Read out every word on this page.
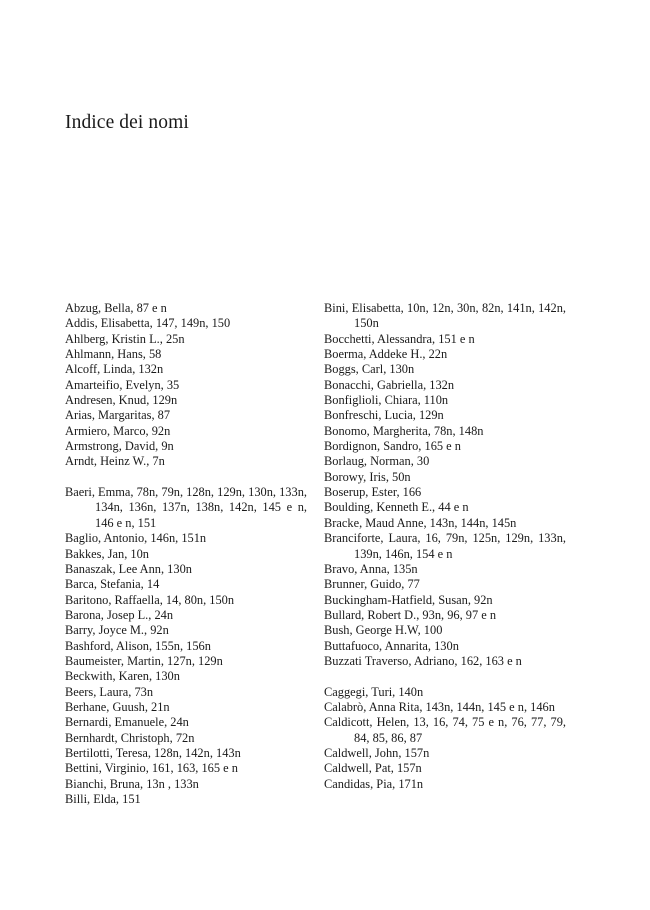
Indice dei nomi

Abzug, Bella, 87 e n

Addis, Elisabetta, 147, 149n, 150

Ahlberg, Kristin L., 25n

Ahlmann, Hans, 58

Alcoff, Linda, 132n

Amarteifio, Evelyn, 35

Andresen, Knud, 129n

Arias, Margaritas, 87

Armiero, Marco, 92n

Armstrong, David, 9n

Arndt, Heinz W., 7n

Baeri, Emma, 78n, 79n, 128n, 129n, 130n, 133n, 134n, 136n, 137n, 138n, 142n, 145 e n, 146 e n, 151

Baglio, Antonio, 146n, 151n

Bakkes, Jan, 10n

Banaszak, Lee Ann, 130n

Barca, Stefania, 14

Baritono, Raffaella, 14, 80n, 150n

Barona, Josep L., 24n

Barry, Joyce M., 92n

Bashford, Alison, 155n, 156n

Baumeister, Martin, 127n, 129n

Beckwith, Karen, 130n

Beers, Laura, 73n

Berhane, Guush, 21n

Bernardi, Emanuele, 24n

Bernhardt, Christoph, 72n

Bertilotti, Teresa, 128n, 142n, 143n

Bettini, Virginio, 161, 163, 165 e n

Bianchi, Bruna, 13n , 133n

Billi, Elda, 151

Bini, Elisabetta, 10n, 12n, 30n, 82n, 141n, 142n, 150n

Bocchetti, Alessandra, 151 e n

Boerma, Addeke H., 22n

Boggs, Carl, 130n

Bonacchi, Gabriella, 132n

Bonfiglioli, Chiara, 110n

Bonfreschi, Lucia, 129n

Bonomo, Margherita, 78n, 148n

Bordignon, Sandro, 165 e n

Borlaug, Norman, 30

Borowy, Iris, 50n

Boserup, Ester, 166

Boulding, Kenneth E., 44 e n

Bracke, Maud Anne, 143n, 144n, 145n

Branciforte, Laura, 16, 79n, 125n, 129n, 133n, 139n, 146n, 154 e n

Bravo, Anna, 135n

Brunner, Guido, 77

Buckingham-Hatfield, Susan, 92n

Bullard, Robert D., 93n, 96, 97 e n

Bush, George H.W, 100

Buttafuoco, Annarita, 130n

Buzzati Traverso, Adriano, 162, 163 e n

Caggegi, Turi, 140n

Calabrò, Anna Rita, 143n, 144n, 145 e n, 146n

Caldicott, Helen, 13, 16, 74, 75 e n, 76, 77, 79, 84, 85, 86, 87

Caldwell, John, 157n

Caldwell, Pat, 157n

Candidas, Pia, 171n
